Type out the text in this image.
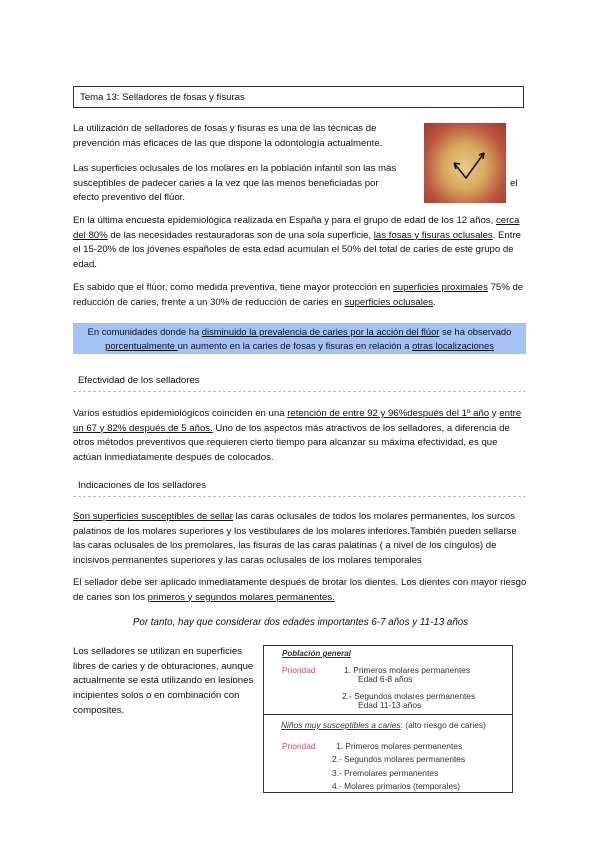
Tema 13: Selladores de fosas y fisuras
La utilización de selladores de fosas y fisuras es una de las técnicas de prevención más eficaces de las que dispone la odontología actualmente.
Las superficies oclusales de los molares en la población infantil son las más susceptibles de padecer caries a la vez que las menos beneficiadas por	el
efecto preventivo del flúor.
En la última encuesta epidemiológica realizada en España y para el grupo de edad de los 12 años, cerca del 80% de las necesidades restauradoras son de una sola superficie, las fosas y fisuras oclusales. Entre el 15-20% de los jóvenes españoles de esta edad acumulan el 50% del total de caries de este grupo de edad.
Es sabido que el flúor, como medida preventiva, tiene mayor protección en superficies proximales 75% de reducción de caries, frente a un 30% de reducción de caries en superficies oclusales.
En comunidades donde ha disminuido la prevalencia de caries por la acción del flúor se ha observado
porcentualmente un aumento en la caries de fosas y fisuras en relación a otras localizaciones
Efectividad de los selladores
Varios estudios epidemiológicos coinciden en una retención de entre 92 y 96%después del 1º año y entre un 67 y 82% después de 5 años. Uno de los aspectos más atractivos de los selladores, a diferencia de otros métodos preventivos que requieren cierto tiempo para alcanzar su máxima efectividad, es que actúan inmediatamente después de colocados.
Indicaciones de los selladores
Son superficies susceptibles de sellar las caras oclusales de todos los molares permanentes, los surcos palatinos de los molares superiores y los vestibulares de los molares inferiores.También pueden sellarse las caras oclusales de los premolares, las fisuras de las caras palatinas ( a nivel de los cíngulos) de incisivos permanentes superiores y las caras oclusales de los molares temporales
El sellador debe ser aplicado inmediatamente después de brotar los dientes. Los dientes con mayor riesgo de caries son los primeros y segundos molares permanentes.
Por tanto, hay que considerar dos edades importantes 6-7 años y 11-13 años
Los selladores se utilizan en superficies libres de caries y de obturaciones, aunque actualmente se está utilizando en lesiones incipientes solos o en combinación con composites.
Población general
Prioridad	1. Primeros molares permanentes
Edad 6-8 años
2.- Segundos molares permanentes
Edad 11-13 años
Niños muy susceptibles a caries: (alto riesgo de caries)
Prioridad 1. Primeros molares permanentes
2.- Segundos molares permanentes
3.- Premolares permanentes
4.- Molares primarios (temporales)
